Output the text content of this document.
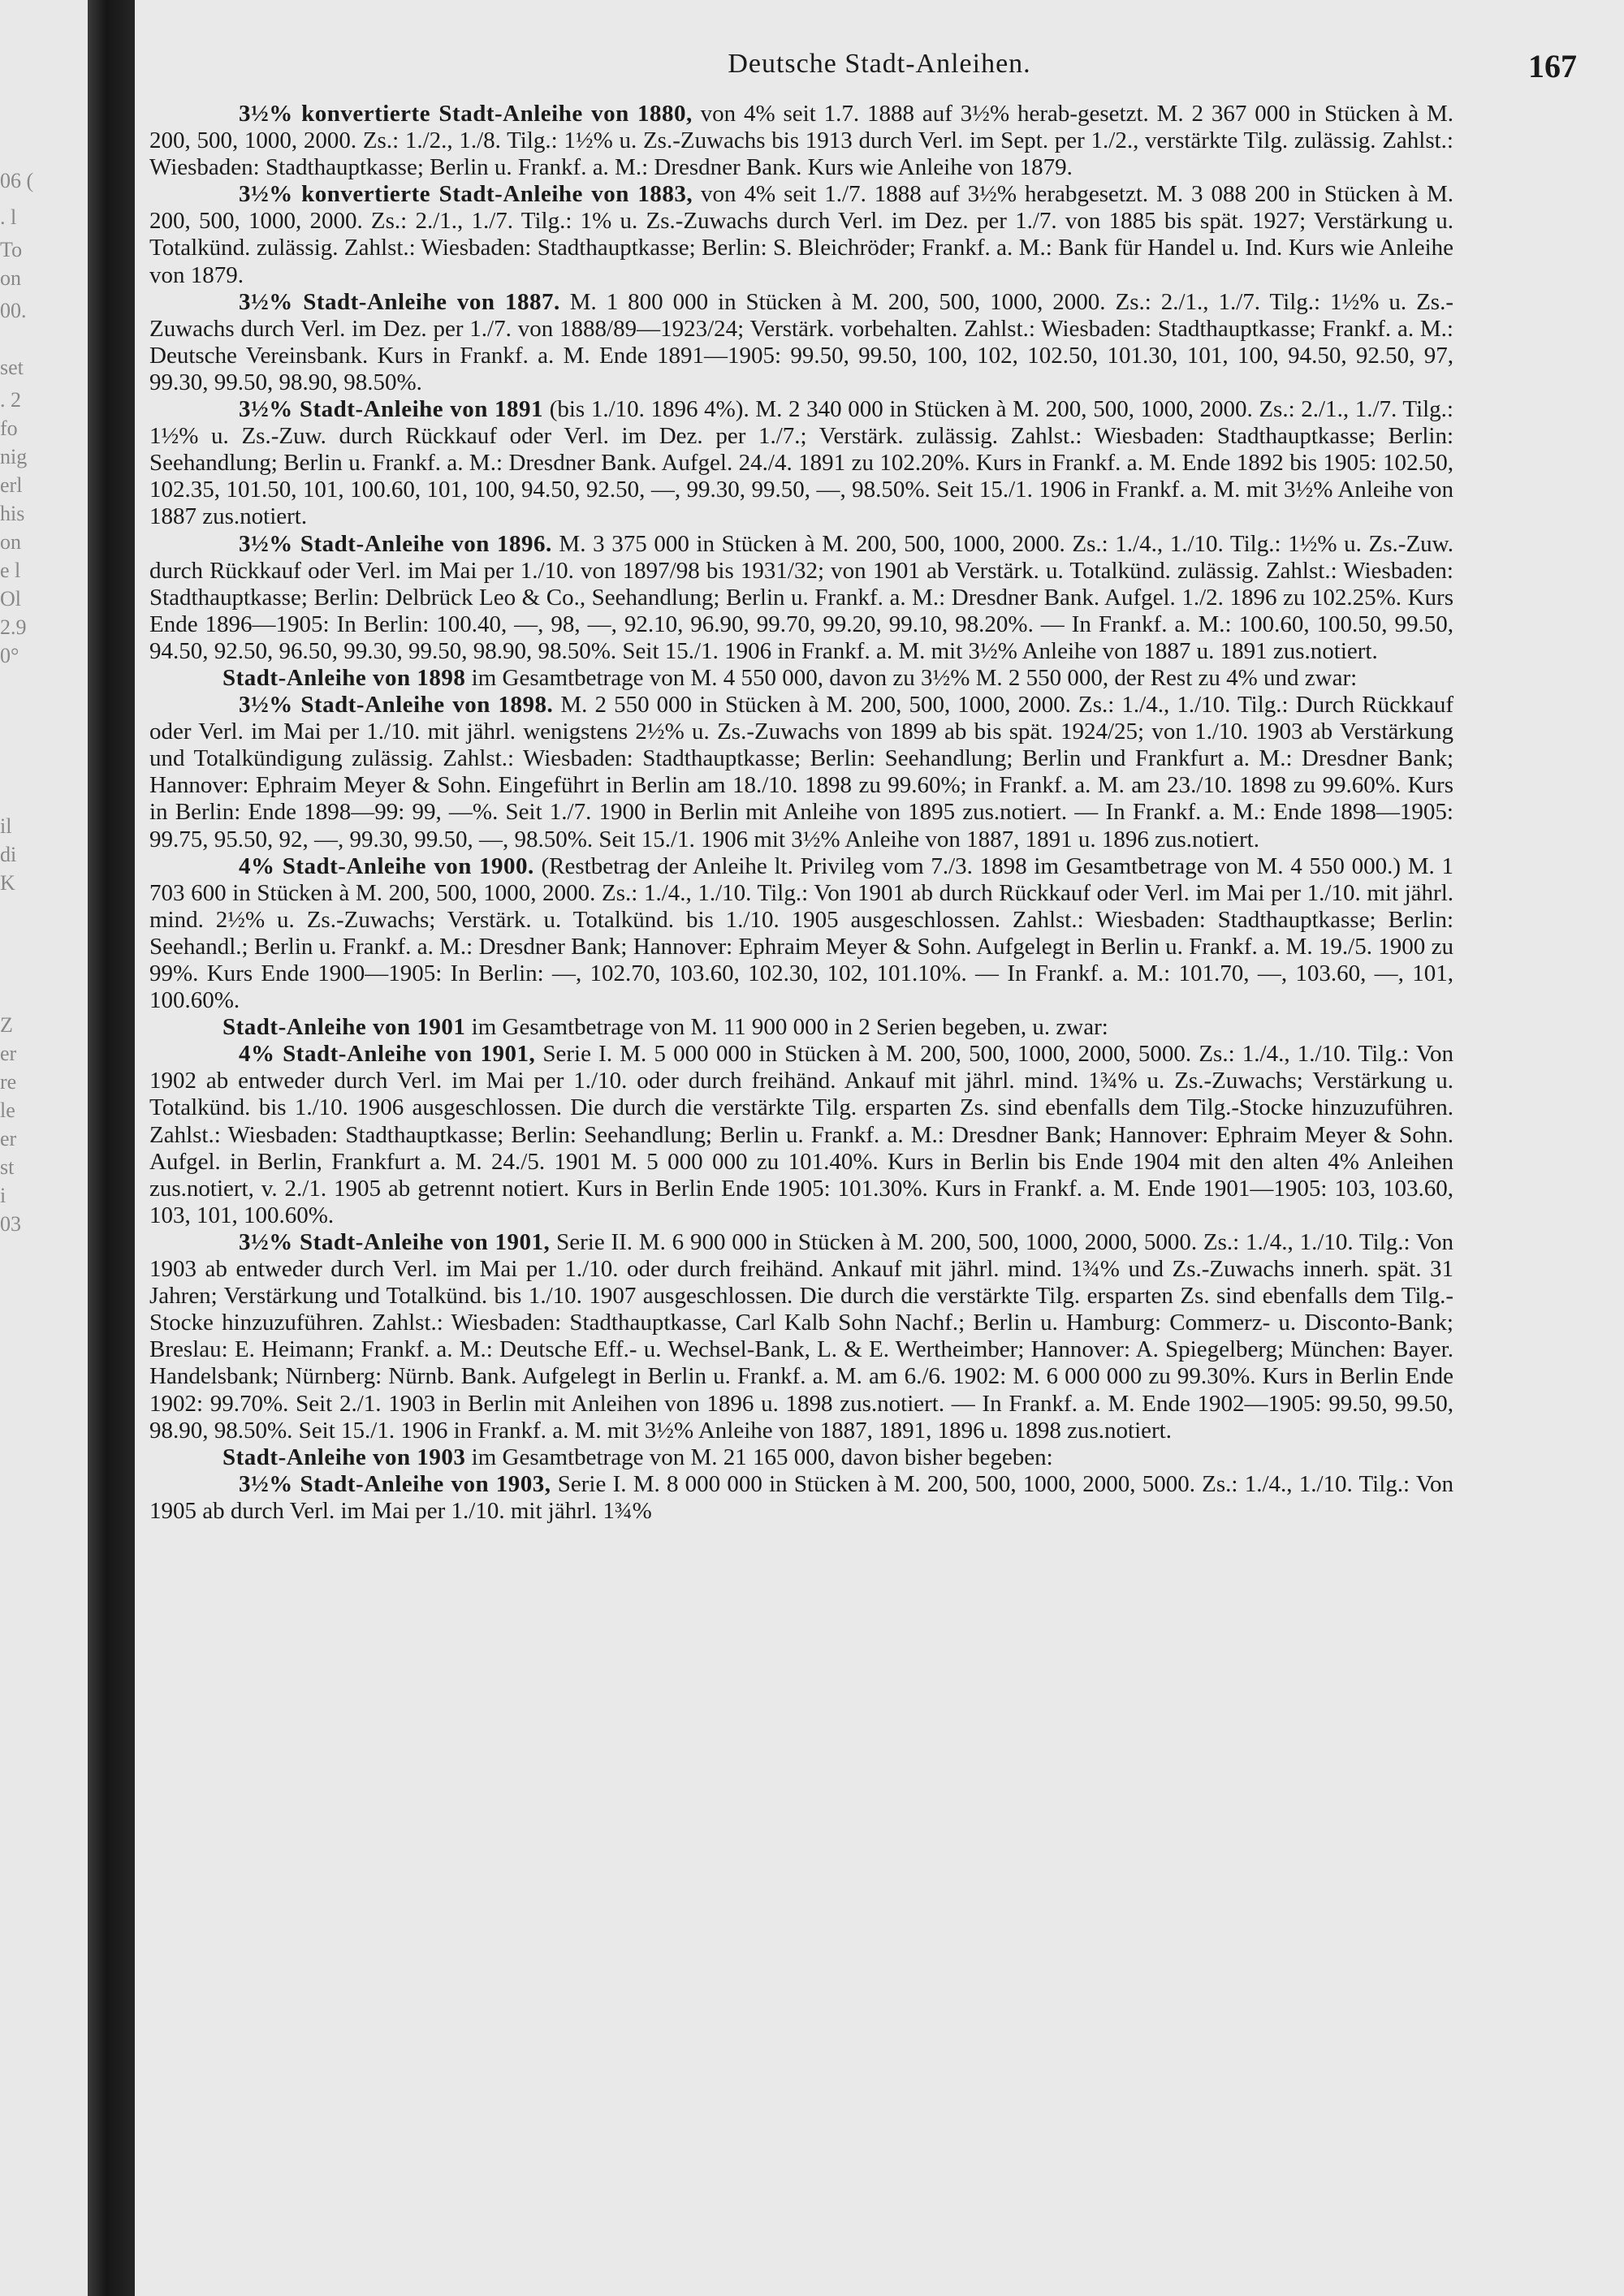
06 (
. l
To
on
00.
set
. 2
fo
nig
erl
his
on
e l
Ol
2.9
0°
il
di
K
Z
er
re
le
er
st
i
03
Deutsche Stadt-Anleihen.	167

3½% konvertierte Stadt-Anleihe von 1880, von 4% seit 1.7. 1888 auf 3½% herab-gesetzt. M. 2 367 000 in Stücken à M. 200, 500, 1000, 2000. Zs.: 1./2., 1./8. Tilg.: 1½% u. Zs.-Zuwachs bis 1913 durch Verl. im Sept. per 1./2., verstärkte Tilg. zulässig. Zahlst.: Wiesbaden: Stadthauptkasse; Berlin u. Frankf. a. M.: Dresdner Bank. Kurs wie Anleihe von 1879.

3½% konvertierte Stadt-Anleihe von 1883, von 4% seit 1./7. 1888 auf 3½% herabgesetzt. M. 3 088 200 in Stücken à M. 200, 500, 1000, 2000. Zs.: 2./1., 1./7. Tilg.: 1% u. Zs.-Zuwachs durch Verl. im Dez. per 1./7. von 1885 bis spät. 1927; Verstärkung u. Totalkünd. zulässig. Zahlst.: Wiesbaden: Stadthauptkasse; Berlin: S. Bleichröder; Frankf. a. M.: Bank für Handel u. Ind. Kurs wie Anleihe von 1879.

3½% Stadt-Anleihe von 1887. M. 1 800 000 in Stücken à M. 200, 500, 1000, 2000. Zs.: 2./1., 1./7. Tilg.: 1½% u. Zs.-Zuwachs durch Verl. im Dez. per 1./7. von 1888/89—1923/24; Verstärk. vorbehalten. Zahlst.: Wiesbaden: Stadthauptkasse; Frankf. a. M.: Deutsche Vereinsbank. Kurs in Frankf. a. M. Ende 1891—1905: 99.50, 99.50, 100, 102, 102.50, 101.30, 101, 100, 94.50, 92.50, 97, 99.30, 99.50, 98.90, 98.50%.

3½% Stadt-Anleihe von 1891 (bis 1./10. 1896 4%). M. 2 340 000 in Stücken à M. 200, 500, 1000, 2000. Zs.: 2./1., 1./7. Tilg.: 1½% u. Zs.-Zuw. durch Rückkauf oder Verl. im Dez. per 1./7.; Verstärk. zulässig. Zahlst.: Wiesbaden: Stadthauptkasse; Berlin: Seehandlung; Berlin u. Frankf. a. M.: Dresdner Bank. Aufgel. 24./4. 1891 zu 102.20%. Kurs in Frankf. a. M. Ende 1892 bis 1905: 102.50, 102.35, 101.50, 101, 100.60, 101, 100, 94.50, 92.50, —, 99.30, 99.50, —, 98.50%. Seit 15./1. 1906 in Frankf. a. M. mit 3½% Anleihe von 1887 zus.notiert.

3½% Stadt-Anleihe von 1896. M. 3 375 000 in Stücken à M. 200, 500, 1000, 2000. Zs.: 1./4., 1./10. Tilg.: 1½% u. Zs.-Zuw. durch Rückkauf oder Verl. im Mai per 1./10. von 1897/98 bis 1931/32; von 1901 ab Verstärk. u. Totalkünd. zulässig. Zahlst.: Wiesbaden: Stadthauptkasse; Berlin: Delbrück Leo & Co., Seehandlung; Berlin u. Frankf. a. M.: Dresdner Bank. Aufgel. 1./2. 1896 zu 102.25%. Kurs Ende 1896—1905: In Berlin: 100.40, —, 98, —, 92.10, 96.90, 99.70, 99.20, 99.10, 98.20%. — In Frankf. a. M.: 100.60, 100.50, 99.50, 94.50, 92.50, 96.50, 99.30, 99.50, 98.90, 98.50%. Seit 15./1. 1906 in Frankf. a. M. mit 3½% Anleihe von 1887 u. 1891 zus.notiert.

Stadt-Anleihe von 1898 im Gesamtbetrage von M. 4 550 000, davon zu 3½% M. 2 550 000, der Rest zu 4% und zwar:

3½% Stadt-Anleihe von 1898. M. 2 550 000 in Stücken à M. 200, 500, 1000, 2000. Zs.: 1./4., 1./10. Tilg.: Durch Rückkauf oder Verl. im Mai per 1./10. mit jährl. wenigstens 2½% u. Zs.-Zuwachs von 1899 ab bis spät. 1924/25; von 1./10. 1903 ab Verstärkung und Totalkündigung zulässig. Zahlst.: Wiesbaden: Stadthauptkasse; Berlin: Seehandlung; Berlin und Frankfurt a. M.: Dresdner Bank; Hannover: Ephraim Meyer & Sohn. Eingeführt in Berlin am 18./10. 1898 zu 99.60%; in Frankf. a. M. am 23./10. 1898 zu 99.60%. Kurs in Berlin: Ende 1898—99: 99, —%. Seit 1./7. 1900 in Berlin mit Anleihe von 1895 zus.notiert. — In Frankf. a. M.: Ende 1898—1905: 99.75, 95.50, 92, —, 99.30, 99.50, —, 98.50%. Seit 15./1. 1906 mit 3½% Anleihe von 1887, 1891 u. 1896 zus.notiert.

4% Stadt-Anleihe von 1900. (Restbetrag der Anleihe lt. Privileg vom 7./3. 1898 im Gesamtbetrage von M. 4 550 000.) M. 1 703 600 in Stücken à M. 200, 500, 1000, 2000. Zs.: 1./4., 1./10. Tilg.: Von 1901 ab durch Rückkauf oder Verl. im Mai per 1./10. mit jährl. mind. 2½% u. Zs.-Zuwachs; Verstärk. u. Totalkünd. bis 1./10. 1905 ausgeschlossen. Zahlst.: Wiesbaden: Stadthauptkasse; Berlin: Seehandl.; Berlin u. Frankf. a. M.: Dresdner Bank; Hannover: Ephraim Meyer & Sohn. Aufgelegt in Berlin u. Frankf. a. M. 19./5. 1900 zu 99%. Kurs Ende 1900—1905: In Berlin: —, 102.70, 103.60, 102.30, 102, 101.10%. — In Frankf. a. M.: 101.70, —, 103.60, —, 101, 100.60%.

Stadt-Anleihe von 1901 im Gesamtbetrage von M. 11 900 000 in 2 Serien begeben, u. zwar:

4% Stadt-Anleihe von 1901, Serie I. M. 5 000 000 in Stücken à M. 200, 500, 1000, 2000, 5000. Zs.: 1./4., 1./10. Tilg.: Von 1902 ab entweder durch Verl. im Mai per 1./10. oder durch freihänd. Ankauf mit jährl. mind. 1¾% u. Zs.-Zuwachs; Verstärkung u. Totalkünd. bis 1./10. 1906 ausgeschlossen. Die durch die verstärkte Tilg. ersparten Zs. sind ebenfalls dem Tilg.-Stocke hinzuzuführen. Zahlst.: Wiesbaden: Stadthauptkasse; Berlin: Seehandlung; Berlin u. Frankf. a. M.: Dresdner Bank; Hannover: Ephraim Meyer & Sohn. Aufgel. in Berlin, Frankfurt a. M. 24./5. 1901 M. 5 000 000 zu 101.40%. Kurs in Berlin bis Ende 1904 mit den alten 4% Anleihen zus.notiert, v. 2./1. 1905 ab getrennt notiert. Kurs in Berlin Ende 1905: 101.30%. Kurs in Frankf. a. M. Ende 1901—1905: 103, 103.60, 103, 101, 100.60%.

3½% Stadt-Anleihe von 1901, Serie II. M. 6 900 000 in Stücken à M. 200, 500, 1000, 2000, 5000. Zs.: 1./4., 1./10. Tilg.: Von 1903 ab entweder durch Verl. im Mai per 1./10. oder durch freihänd. Ankauf mit jährl. mind. 1¾% und Zs.-Zuwachs innerh. spät. 31 Jahren; Verstärkung und Totalkünd. bis 1./10. 1907 ausgeschlossen. Die durch die verstärkte Tilg. ersparten Zs. sind ebenfalls dem Tilg.-Stocke hinzuzuführen. Zahlst.: Wiesbaden: Stadthauptkasse, Carl Kalb Sohn Nachf.; Berlin u. Hamburg: Commerz- u. Disconto-Bank; Breslau: E. Heimann; Frankf. a. M.: Deutsche Eff.- u. Wechsel-Bank, L. & E. Wertheimber; Hannover: A. Spiegelberg; München: Bayer. Handelsbank; Nürnberg: Nürnb. Bank. Aufgelegt in Berlin u. Frankf. a. M. am 6./6. 1902: M. 6 000 000 zu 99.30%. Kurs in Berlin Ende 1902: 99.70%. Seit 2./1. 1903 in Berlin mit Anleihen von 1896 u. 1898 zus.notiert. — In Frankf. a. M. Ende 1902—1905: 99.50, 99.50, 98.90, 98.50%. Seit 15./1. 1906 in Frankf. a. M. mit 3½% Anleihe von 1887, 1891, 1896 u. 1898 zus.notiert.

Stadt-Anleihe von 1903 im Gesamtbetrage von M. 21 165 000, davon bisher begeben:

3½% Stadt-Anleihe von 1903, Serie I. M. 8 000 000 in Stücken à M. 200, 500, 1000, 2000, 5000. Zs.: 1./4., 1./10. Tilg.: Von 1905 ab durch Verl. im Mai per 1./10. mit jährl. 1¾%
